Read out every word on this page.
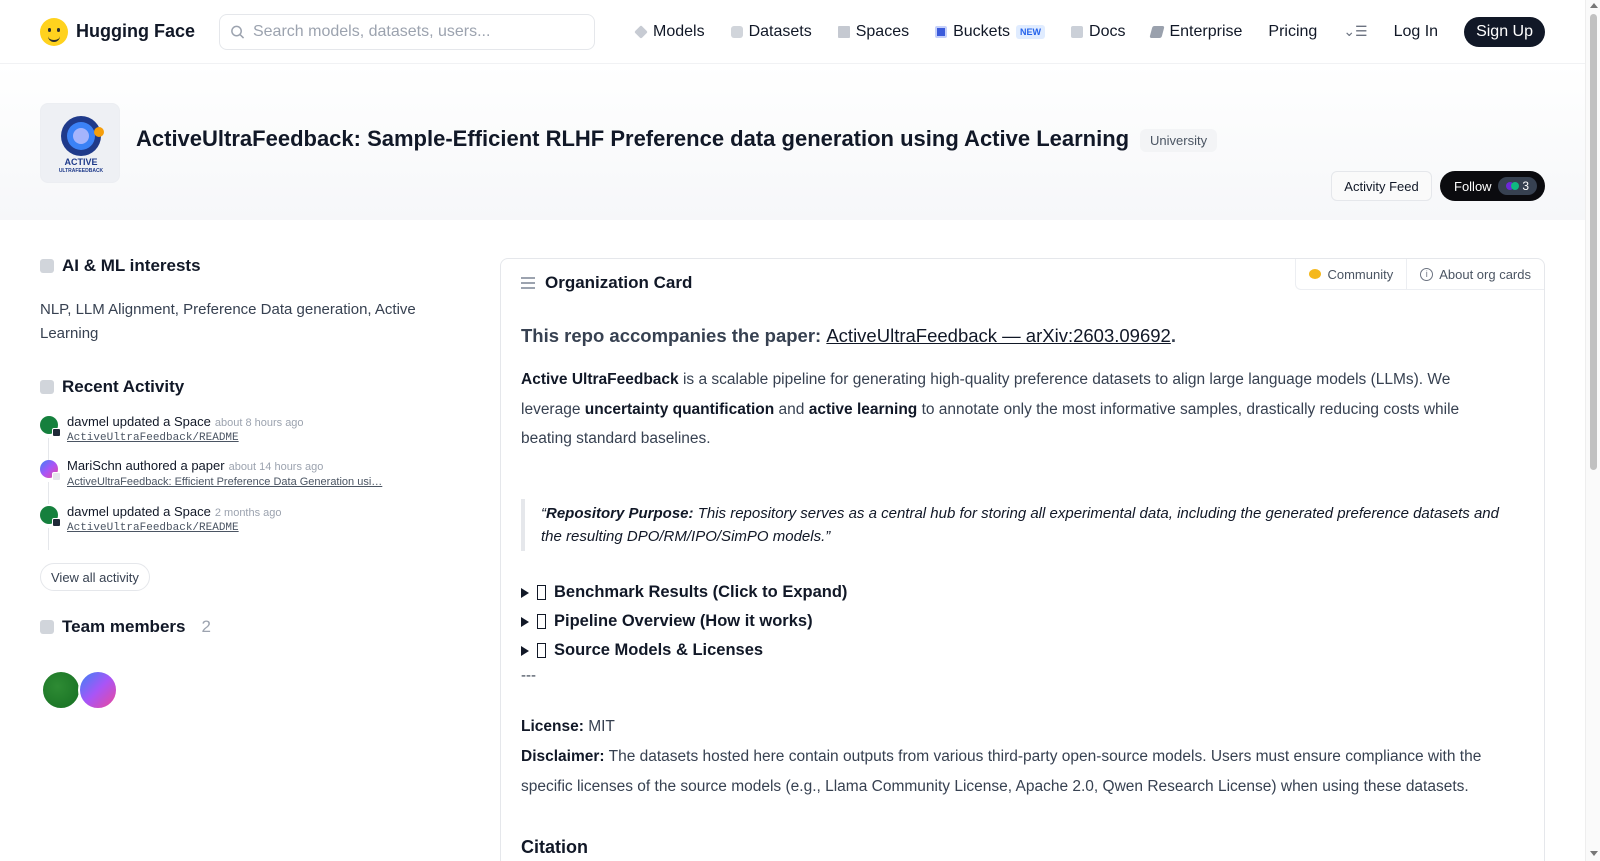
Hugging Face
Search models, datasets, users...	Models	Datasets	Spaces	Buckets	NEW	Docs	Enterprise Pricing ⌄☰ Log In	Sign Up
ACTIVE
ULTRAFEEDBACK
ActiveUltraFeedback: Sample-Efficient RLHF Preference data generation using Active Learning	University
Activity Feed	Follow	3
AI & ML interests
NLP, LLM Alignment, Preference Data generation, Active Learning
Recent Activity
davmel updated a Space about 8 hours ago
ActiveUltraFeedback/README
MariSchn authored a paper about 14 hours ago
ActiveUltraFeedback: Efficient Preference Data Generation usi…
davmel updated a Space 2 months ago
ActiveUltraFeedback/README
View all activity
Team members 2
Community	i About org cards
Organization Card
This repo accompanies the paper: ActiveUltraFeedback — arXiv:2603.09692.
Active UltraFeedback is a scalable pipeline for generating high-quality preference datasets to align large language models (LLMs). We leverage uncertainty quantification and active learning to annotate only the most informative samples, drastically reducing costs while beating standard baselines.
“Repository Purpose: This repository serves as a central hub for storing all experimental data, including the generated preference datasets and the resulting DPO/RM/IPO/SimPO models.”
Benchmark Results (Click to Expand)
Pipeline Overview (How it works)
Source Models & Licenses
---
License: MIT
Disclaimer: The datasets hosted here contain outputs from various third-party open-source models. Users must ensure compliance with the specific licenses of the source models (e.g., Llama Community License, Apache 2.0, Qwen Research License) when using these datasets.
Citation
